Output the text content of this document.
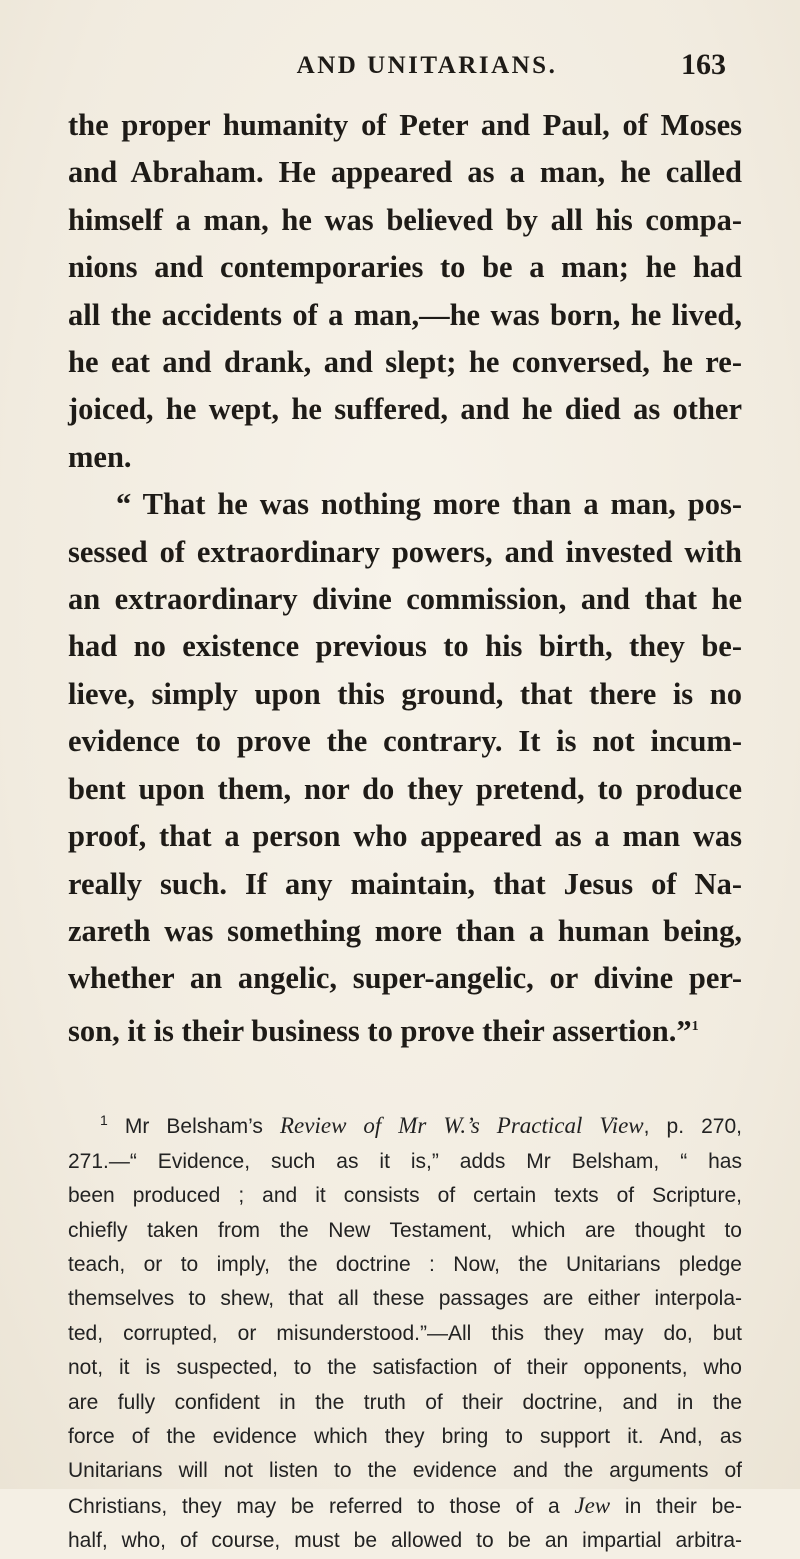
AND UNITARIANS.	163
the proper humanity of Peter and Paul, of Moses
and Abraham. He appeared as a man, he called
himself a man, he was believed by all his compa-
nions and contemporaries to be a man; he had
all the accidents of a man,—he was born, he lived,
he eat and drank, and slept; he conversed, he re-
joiced, he wept, he suffered, and he died as other
men.
“ That he was nothing more than a man, pos-
sessed of extraordinary powers, and invested with
an extraordinary divine commission, and that he
had no existence previous to his birth, they be-
lieve, simply upon this ground, that there is no
evidence to prove the contrary. It is not incum-
bent upon them, nor do they pretend, to produce
proof, that a person who appeared as a man was
really such. If any maintain, that Jesus of Na-
zareth was something more than a human being,
whether an angelic, super-angelic, or divine per-
son, it is their business to prove their assertion.”$^1$
$^1$ Mr Belsham’s Review of Mr W.’s Practical View, p. 270,
271.—“ Evidence, such as it is,” adds Mr Belsham, “ has
been produced ; and it consists of certain texts of Scripture,
chiefly taken from the New Testament, which are thought to
teach, or to imply, the doctrine : Now, the Unitarians pledge
themselves to shew, that all these passages are either interpola-
ted, corrupted, or misunderstood.”—All this they may do, but
not, it is suspected, to the satisfaction of their opponents, who
are fully confident in the truth of their doctrine, and in the
force of the evidence which they bring to support it. And, as
Unitarians will not listen to the evidence and the arguments of
Christians, they may be referred to those of a Jew in their be-
half, who, of course, must be allowed to be an impartial arbitra-
